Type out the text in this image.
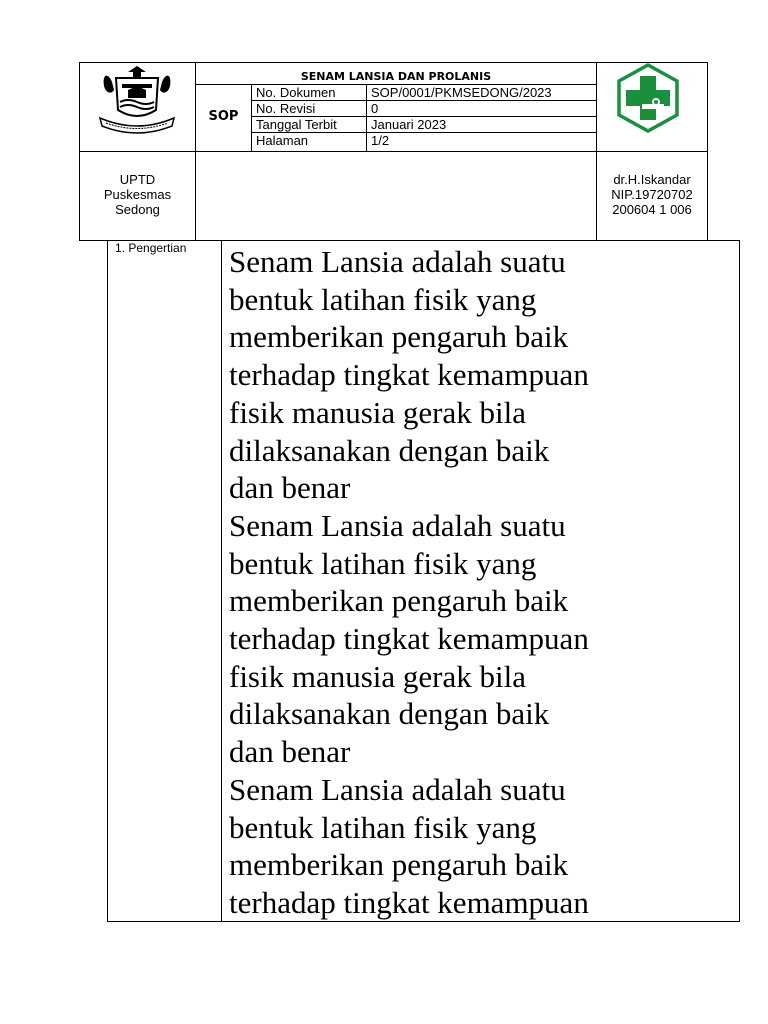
SENAM LANSIA DAN PROLANIS
SOP
No. Dokumen	SOP/0001/PKMSEDONG/2023
No. Revisi	0
Tanggal Terbit	Januari 2023
Halaman	1/2
UPTD
Puskesmas
Sedong
dr.H.Iskandar
NIP.19720702
200604 1 006
1. Pengertian Senam Lansia adalah suatu
bentuk latihan fisik yang
memberikan pengaruh baik
terhadap tingkat kemampuan
fisik manusia gerak bila
dilaksanakan dengan baik
dan benar
Senam Lansia adalah suatu
bentuk latihan fisik yang
memberikan pengaruh baik
terhadap tingkat kemampuan
fisik manusia gerak bila
dilaksanakan dengan baik
dan benar
Senam Lansia adalah suatu
bentuk latihan fisik yang
memberikan pengaruh baik
terhadap tingkat kemampuan
